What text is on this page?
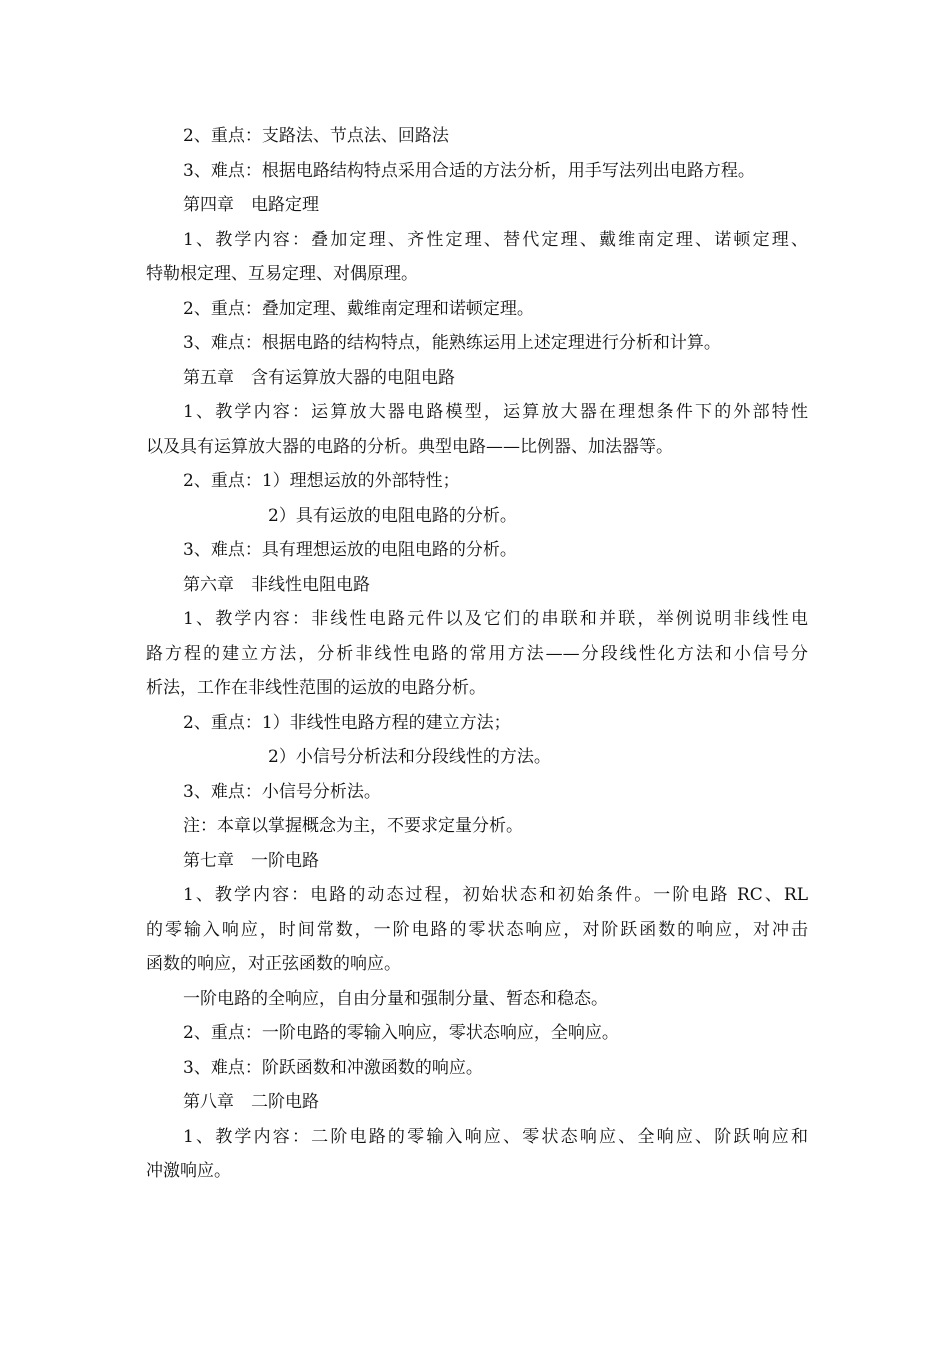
2、重点：支路法、节点法、回路法
3、难点：根据电路结构特点采用合适的方法分析，用手写法列出电路方程。
第四章　电路定理
1、教学内容：叠加定理、齐性定理、替代定理、戴维南定理、诺顿定理、
特勒根定理、互易定理、对偶原理。
2、重点：叠加定理、戴维南定理和诺顿定理。
3、难点：根据电路的结构特点，能熟练运用上述定理进行分析和计算。
第五章　含有运算放大器的电阻电路
1、教学内容：运算放大器电路模型，运算放大器在理想条件下的外部特性
以及具有运算放大器的电路的分析。典型电路——比例器、加法器等。
2、重点：1）理想运放的外部特性；
2）具有运放的电阻电路的分析。
3、难点：具有理想运放的电阻电路的分析。
第六章　非线性电阻电路
1、教学内容：非线性电路元件以及它们的串联和并联，举例说明非线性电
路方程的建立方法，分析非线性电路的常用方法——分段线性化方法和小信号分
析法，工作在非线性范围的运放的电路分析。
2、重点：1）非线性电路方程的建立方法；
2）小信号分析法和分段线性的方法。
3、难点：小信号分析法。
注：本章以掌握概念为主，不要求定量分析。
第七章　一阶电路
1、教学内容：电路的动态过程，初始状态和初始条件。一阶电路 RC、RL
的零输入响应，时间常数，一阶电路的零状态响应，对阶跃函数的响应，对冲击
函数的响应，对正弦函数的响应。
一阶电路的全响应，自由分量和强制分量、暂态和稳态。
2、重点：一阶电路的零输入响应，零状态响应，全响应。
3、难点：阶跃函数和冲激函数的响应。
第八章　二阶电路
1、教学内容：二阶电路的零输入响应、零状态响应、全响应、阶跃响应和
冲激响应。
